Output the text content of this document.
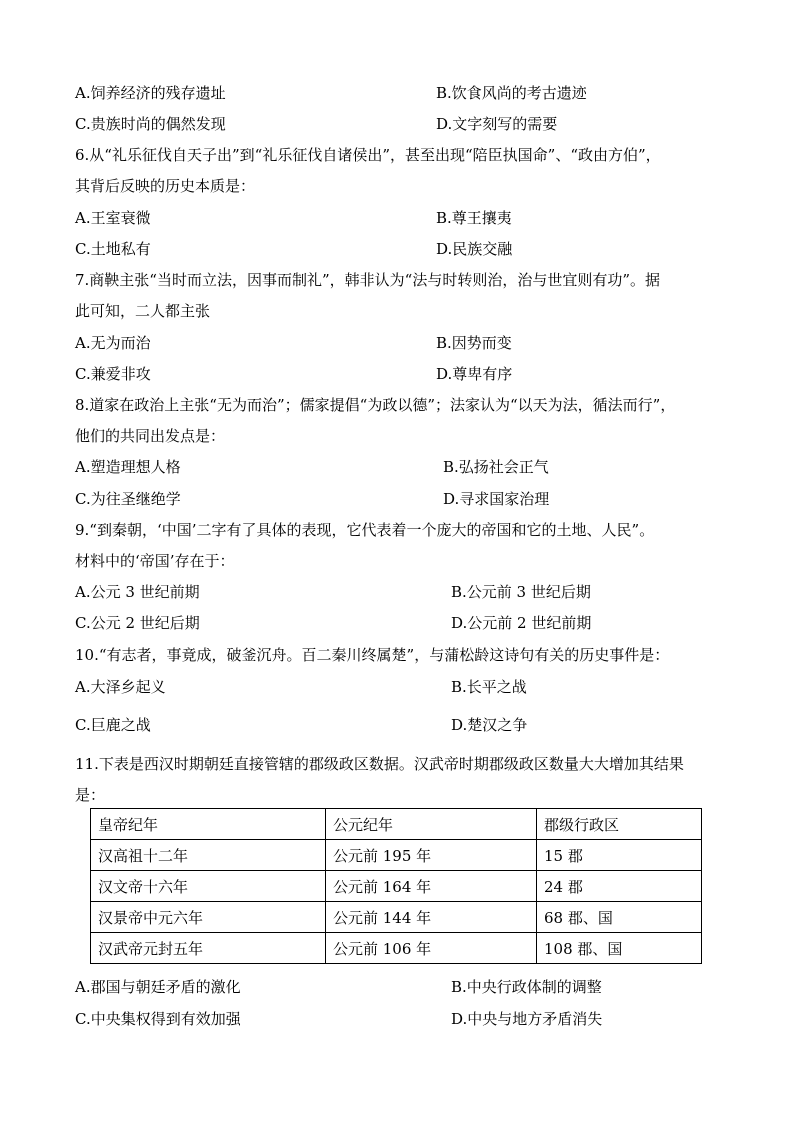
A.饲养经济的残存遗址	B.饮食风尚的考古遗迹
C.贵族时尚的偶然发现	D.文字刻写的需要
6.从“礼乐征伐自天子出”到“礼乐征伐自诸侯出”，甚至出现“陪臣执国命”、“政由方伯”，
其背后反映的历史本质是：
A.王室衰微	B.尊王攘夷
C.土地私有	D.民族交融
7.商鞅主张“当时而立法，因事而制礼”，韩非认为“法与时转则治，治与世宜则有功”。据
此可知，二人都主张
A.无为而治	B.因势而变
C.兼爱非攻	D.尊卑有序
8.道家在政治上主张“无为而治”；儒家提倡“为政以德”；法家认为“以天为法，循法而行”，
他们的共同出发点是：
A.塑造理想人格	B.弘扬社会正气
C.为往圣继绝学	D.寻求国家治理
9.“到秦朝，‘中国’二字有了具体的表现，它代表着一个庞大的帝国和它的土地、人民”。
材料中的‘帝国’存在于：
A.公元 3 世纪前期	B.公元前 3 世纪后期
C.公元 2 世纪后期	D.公元前 2 世纪前期
10.“有志者，事竟成，破釜沉舟。百二秦川终属楚”，与蒲松龄这诗句有关的历史事件是：
A.大泽乡起义	B.长平之战
C.巨鹿之战	D.楚汉之争
11.下表是西汉时期朝廷直接管辖的郡级政区数据。汉武帝时期郡级政区数量大大增加其结果
是：
皇帝纪年	公元纪年	郡级行政区
汉高祖十二年	公元前 195 年	15 郡
汉文帝十六年	公元前 164 年	24 郡
汉景帝中元六年	公元前 144 年	68 郡、国
汉武帝元封五年	公元前 106 年	108 郡、国
A.郡国与朝廷矛盾的激化	B.中央行政体制的调整
C.中央集权得到有效加强	D.中央与地方矛盾消失
